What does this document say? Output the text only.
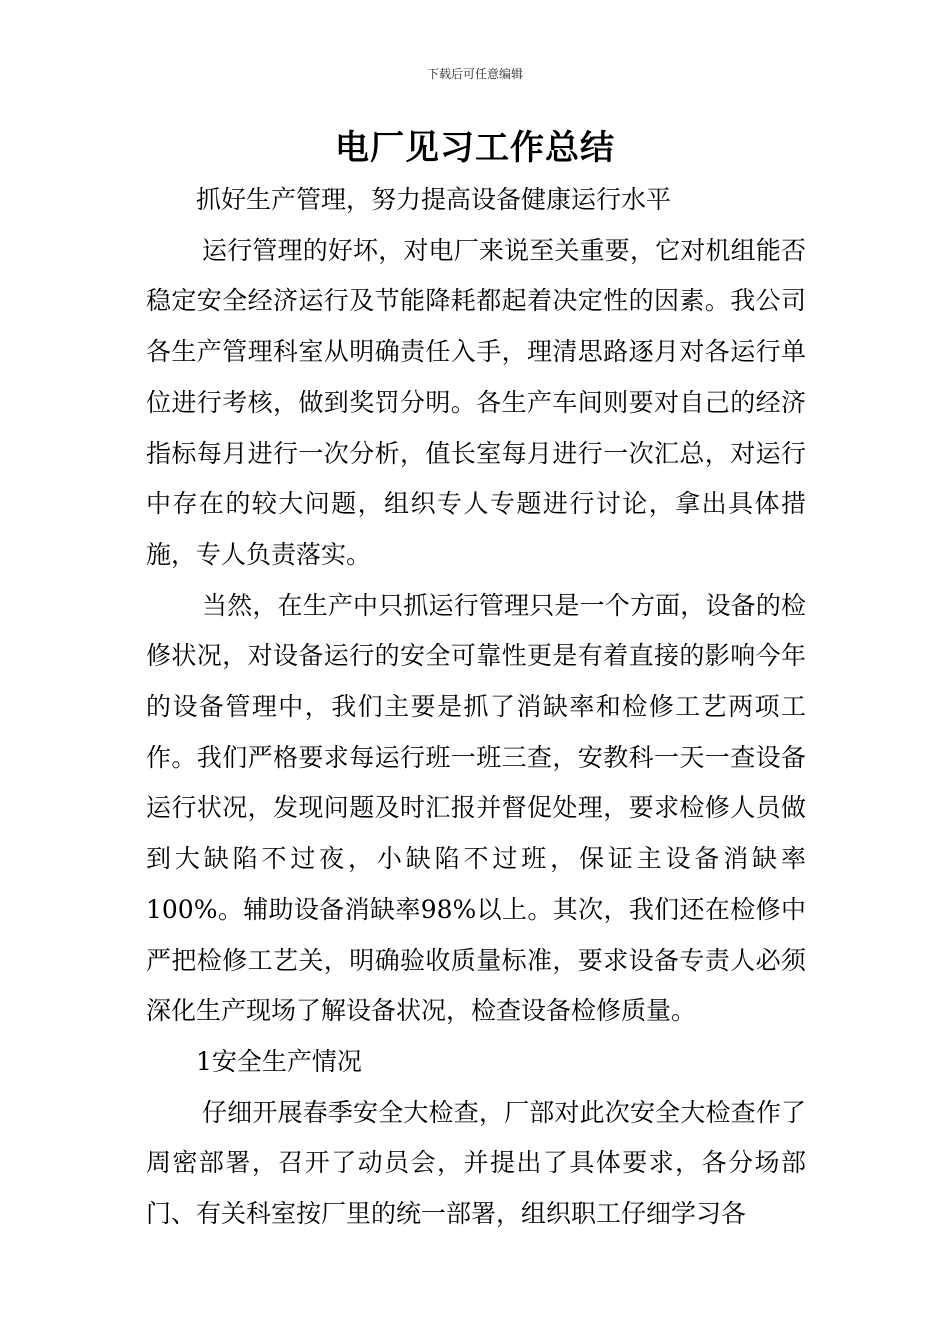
下载后可任意编辑
电厂见习工作总结

抓好生产管理，努力提高设备健康运行水平

运行管理的好坏，对电厂来说至关重要，它对机组能否稳定安全经济运行及节能降耗都起着决定性的因素。我公司各生产管理科室从明确责任入手，理清思路逐月对各运行单位进行考核，做到奖罚分明。各生产车间则要对自己的经济指标每月进行一次分析，值长室每月进行一次汇总，对运行中存在的较大问题，组织专人专题进行讨论，拿出具体措施，专人负责落实。

当然，在生产中只抓运行管理只是一个方面，设备的检修状况，对设备运行的安全可靠性更是有着直接的影响今年的设备管理中，我们主要是抓了消缺率和检修工艺两项工作。我们严格要求每运行班一班三查，安教科一天一查设备运行状况，发现问题及时汇报并督促处理，要求检修人员做到大缺陷不过夜，小缺陷不过班，保证主设备消缺率100%。辅助设备消缺率98%以上。其次，我们还在检修中严把检修工艺关，明确验收质量标准，要求设备专责人必须深化生产现场了解设备状况，检查设备检修质量。

1安全生产情况

仔细开展春季安全大检查，厂部对此次安全大检查作了周密部署，召开了动员会，并提出了具体要求，各分场部门、有关科室按厂里的统一部署，组织职工仔细学习各
